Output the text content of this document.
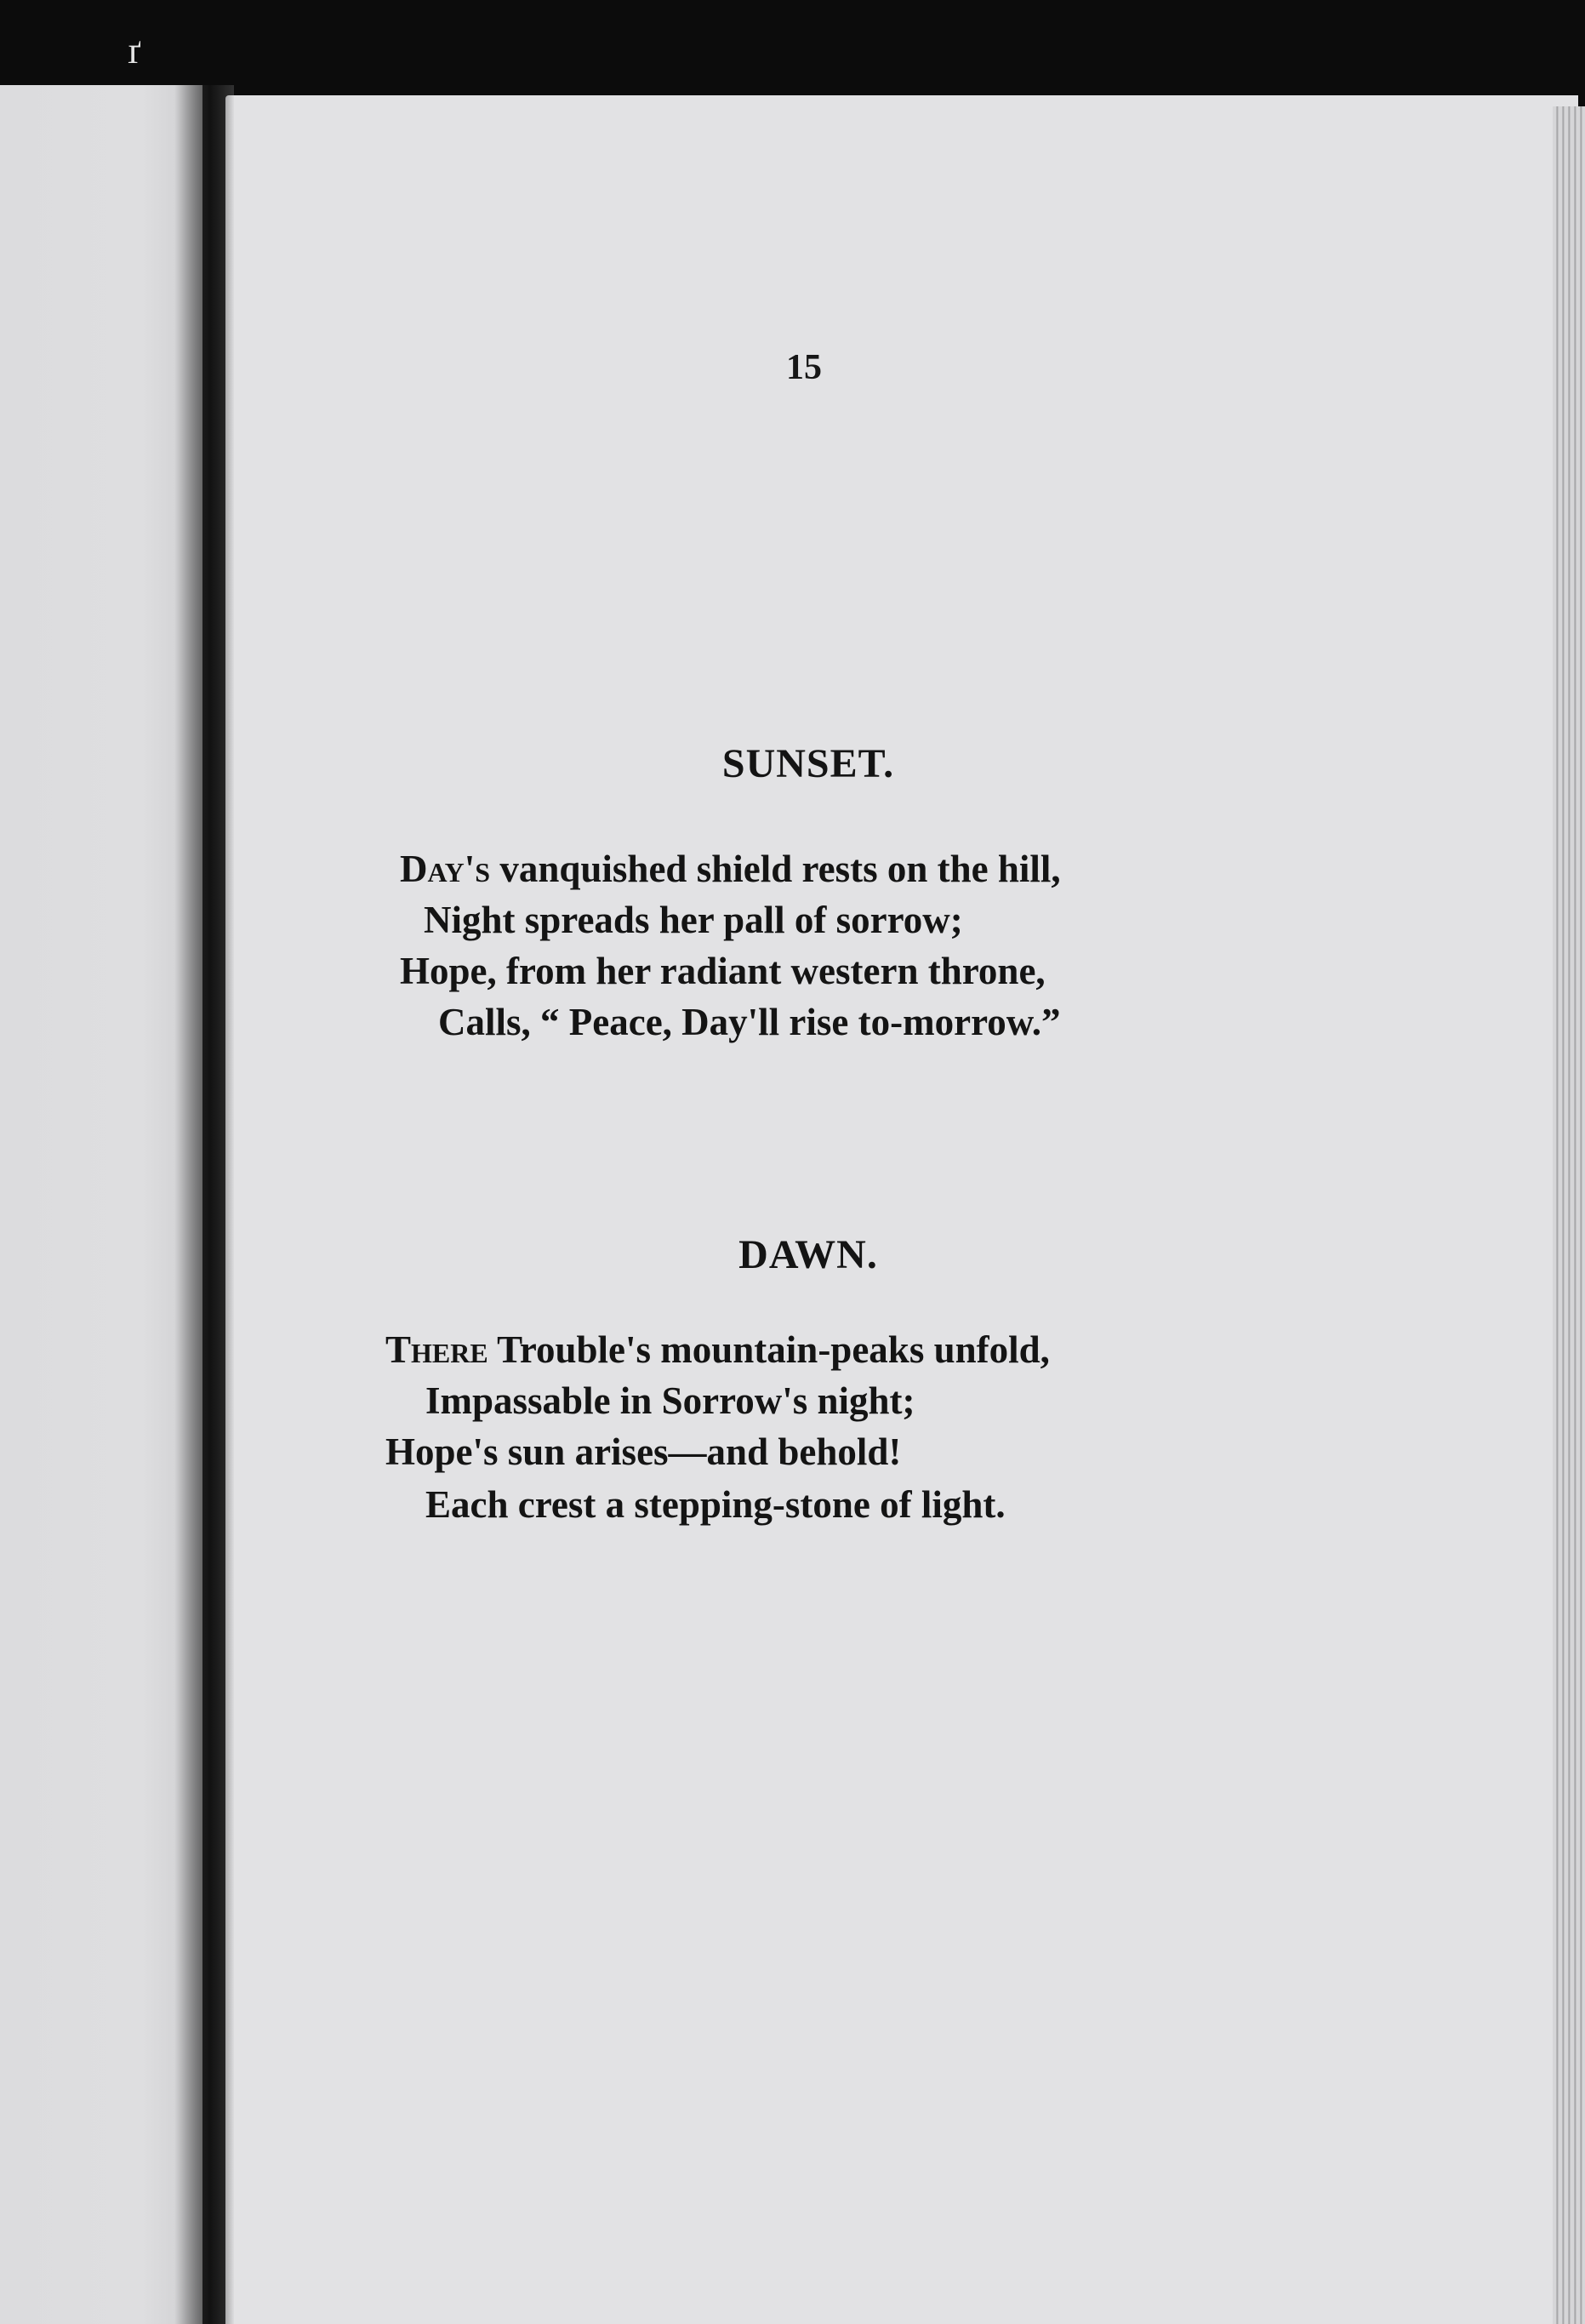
ґ
15
SUNSET.
Day's vanquished shield rests on the hill,
Night spreads her pall of sorrow;
Hope, from her radiant western throne,
Calls, “ Peace, Day'll rise to-morrow.”
DAWN.
There Trouble's mountain-peaks unfold,
Impassable in Sorrow's night;
Hope's sun arises—and behold!
Each crest a stepping-stone of light.
